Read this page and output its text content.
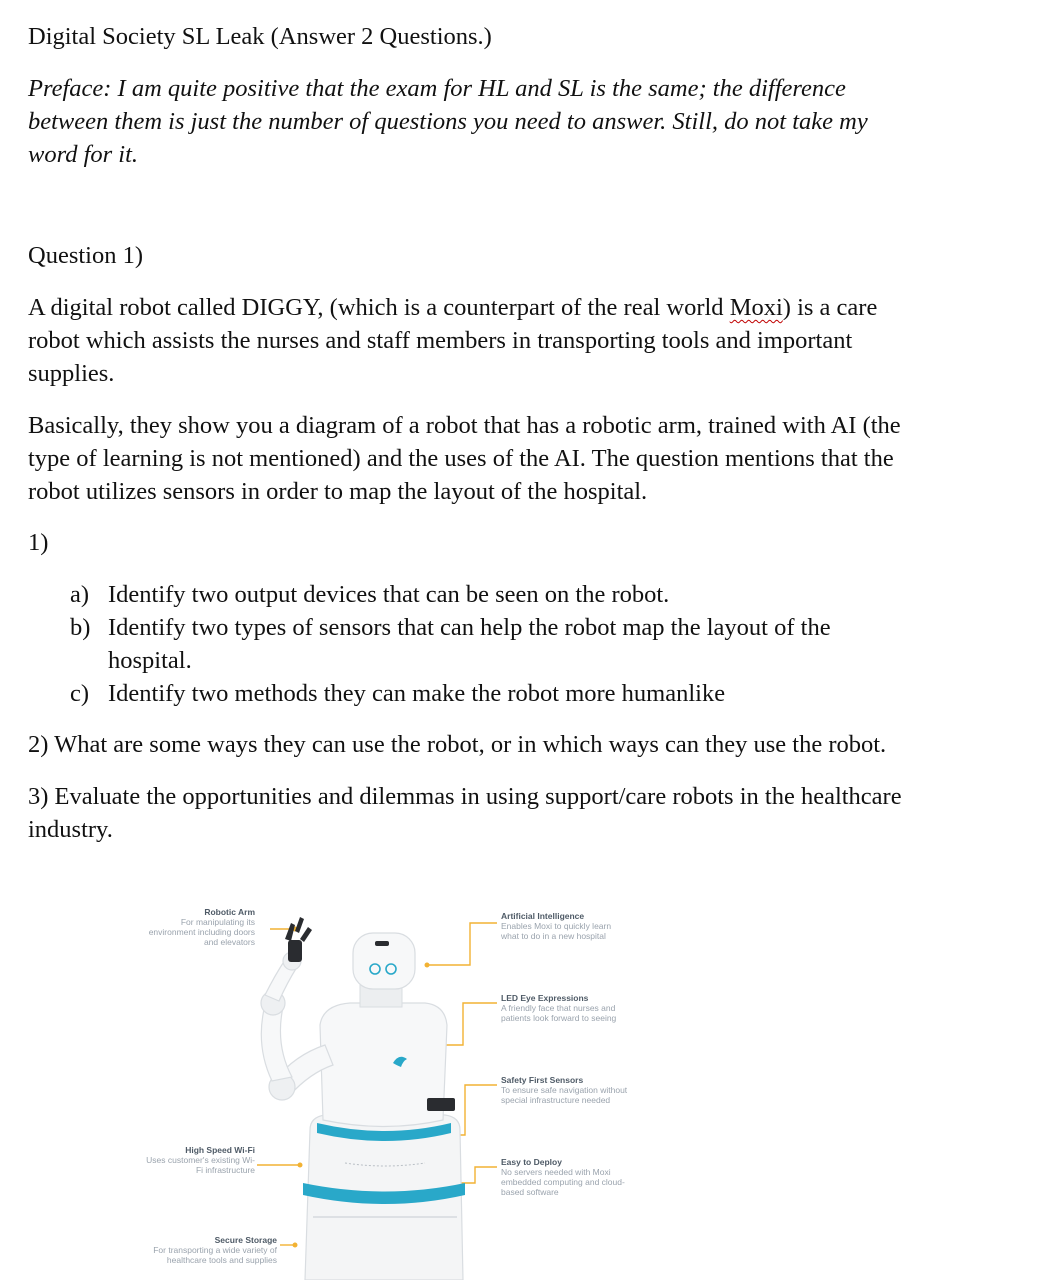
Digital Society SL Leak (Answer 2 Questions.)
Preface: I am quite positive that the exam for HL and SL is the same; the difference
between them is just the number of questions you need to answer. Still, do not take my
word for it.
Question 1)
A digital robot called DIGGY, (which is a counterpart of the real world Moxi) is a care
robot which assists the nurses and staff members in transporting tools and important
supplies.
Basically, they show you a diagram of a robot that has a robotic arm, trained with AI (the
type of learning is not mentioned) and the uses of the AI. The question mentions that the
robot utilizes sensors in order to map the layout of the hospital.
1)
a) Identify two output devices that can be seen on the robot.
b) Identify two types of sensors that can help the robot map the layout of the
hospital.
c) Identify two methods they can make the robot more humanlike
2) What are some ways they can use the robot, or in which ways can they use the robot.
3) Evaluate the opportunities and dilemmas in using support/care robots in the healthcare
industry.
Robotic Arm
For manipulating its environment including doors and elevators
High Speed Wi-Fi
Uses customer's existing Wi-Fi infrastructure
Secure Storage
For transporting a wide variety of healthcare tools and supplies
Artificial Intelligence
Enables Moxi to quickly learn what to do in a new hospital
LED Eye Expressions
A friendly face that nurses and patients look forward to seeing
Safety First Sensors
To ensure safe navigation without special infrastructure needed
Easy to Deploy
No servers needed with Moxi embedded computing and cloud-based software
